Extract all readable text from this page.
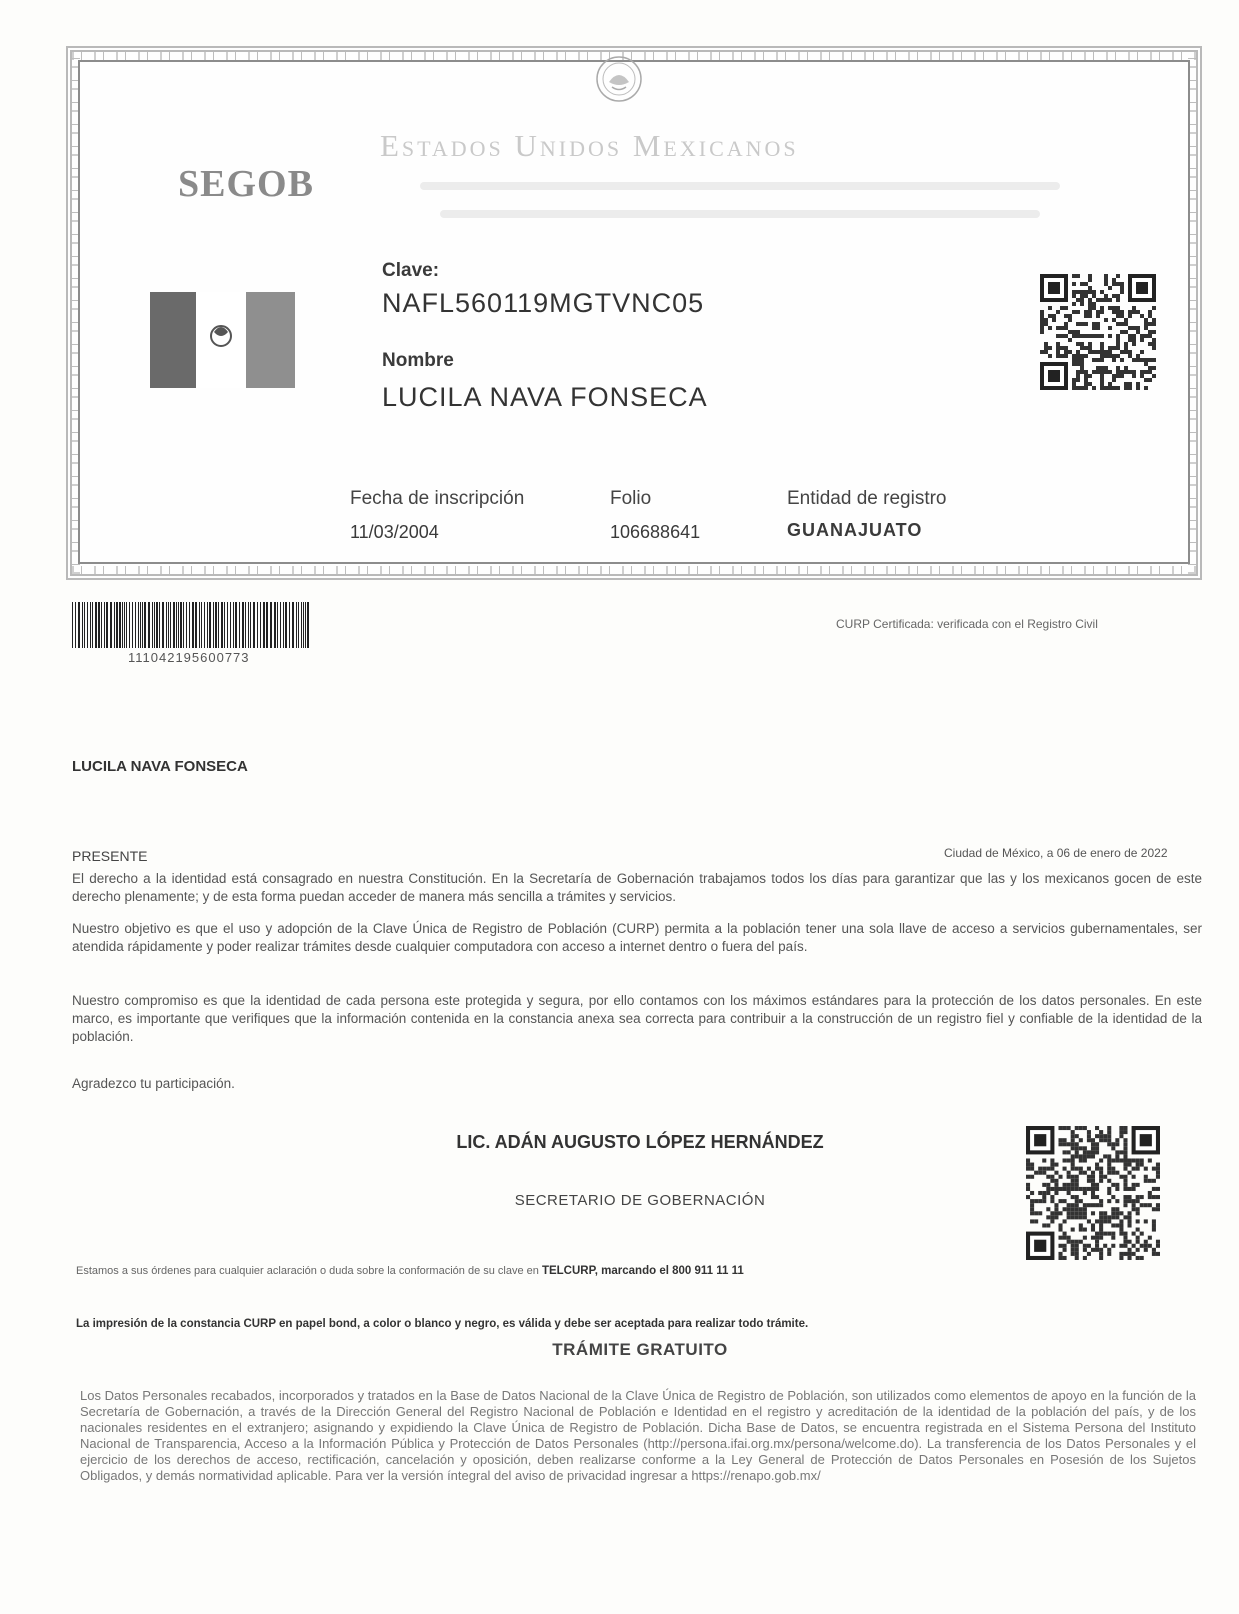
Estados Unidos Mexicanos
SEGOB
Clave:
NAFL560119MGTVNC05
Nombre
LUCILA NAVA FONSECA
Fecha de inscripción
11/03/2004
Folio
106688641
Entidad de registro
GUANAJUATO
111042195600773
CURP Certificada: verificada con el Registro Civil
LUCILA NAVA FONSECA
PRESENTE	Ciudad de México, a 06 de enero de 2022
El derecho a la identidad está consagrado en nuestra Constitución. En la Secretaría de Gobernación trabajamos todos los días para garantizar que las y los mexicanos gocen de este derecho plenamente; y de esta forma puedan acceder de manera más sencilla a trámites y servicios.
Nuestro objetivo es que el uso y adopción de la Clave Única de Registro de Población (CURP) permita a la población tener una sola llave de acceso a servicios gubernamentales, ser atendida rápidamente y poder realizar trámites desde cualquier computadora con acceso a internet dentro o fuera del país.
Nuestro compromiso es que la identidad de cada persona este protegida y segura, por ello contamos con los máximos estándares para la protección de los datos personales. En este marco, es importante que verifiques que la información contenida en la constancia anexa sea correcta para contribuir a la construcción de un registro fiel y confiable de la identidad de la población.
Agradezco tu participación.
LIC. ADÁN AUGUSTO LÓPEZ HERNÁNDEZ
SECRETARIO DE GOBERNACIÓN
Estamos a sus órdenes para cualquier aclaración o duda sobre la conformación de su clave en TELCURP, marcando el 800 911 11 11
La impresión de la constancia CURP en papel bond, a color o blanco y negro, es válida y debe ser aceptada para realizar todo trámite.
TRÁMITE GRATUITO
Los Datos Personales recabados, incorporados y tratados en la Base de Datos Nacional de la Clave Única de Registro de Población, son utilizados como elementos de apoyo en la función de la Secretaría de Gobernación, a través de la Dirección General del Registro Nacional de Población e Identidad en el registro y acreditación de la identidad de la población del país, y de los nacionales residentes en el extranjero; asignando y expidiendo la Clave Única de Registro de Población. Dicha Base de Datos, se encuentra registrada en el Sistema Persona del Instituto Nacional de Transparencia, Acceso a la Información Pública y Protección de Datos Personales (http://persona.ifai.org.mx/persona/welcome.do). La transferencia de los Datos Personales y el ejercicio de los derechos de acceso, rectificación, cancelación y oposición, deben realizarse conforme a la Ley General de Protección de Datos Personales en Posesión de los Sujetos Obligados, y demás normatividad aplicable. Para ver la versión íntegral del aviso de privacidad ingresar a https://renapo.gob.mx/
